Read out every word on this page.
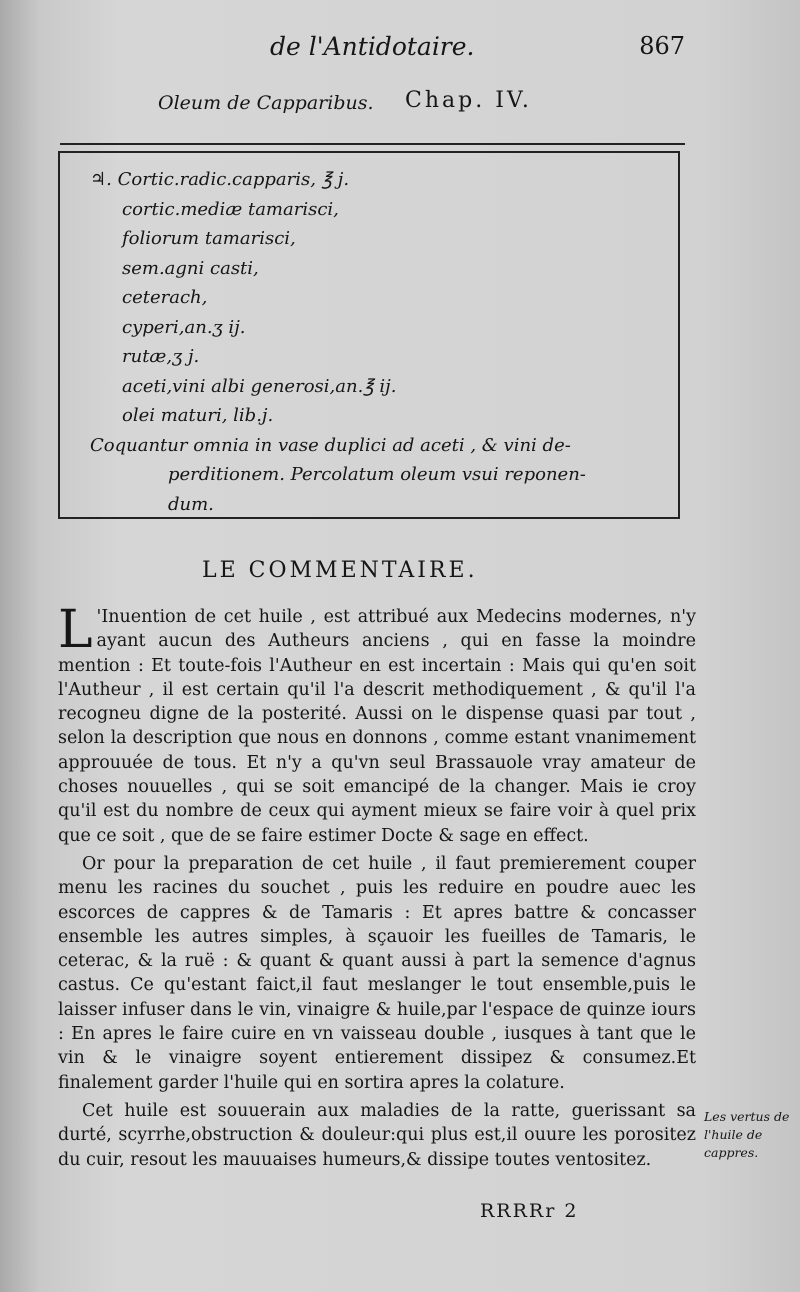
de l'Antidotaire.	867
Oleum de Capparibus. Chap. IV.
♃. Cortic.radic.capparis, ℥ j.
cortic.mediæ tamarisci,
foliorum tamarisci,
sem.agni casti,
ceterach,
cyperi,an.ʒ ij.
rutæ,ʒ j.
aceti,vini albi generosi,an.℥ ij.
olei maturi, lib.j.
Coquantur omnia in vase duplici ad aceti , & vini de-
perditionem. Percolatum oleum vsui reponen-
dum.
LE COMMENTAIRE.

L 'Inuention de cet huile , est attribué aux Medecins modernes, n'y ayant aucun des Autheurs anciens , qui en fasse la moindre mention : Et toute-fois l'Autheur en est incertain : Mais qui qu'en soit l'Autheur , il est certain qu'il l'a descrit methodiquement , & qu'il l'a recogneu digne de la posterité. Aussi on le dispense quasi par tout , selon la description que nous en donnons , comme estant vnanimement approuuée de tous. Et n'y a qu'vn seul Brassauole vray amateur de choses nouuelles , qui se soit emancipé de la changer. Mais ie croy qu'il est du nombre de ceux qui ayment mieux se faire voir à quel prix que ce soit , que de se faire estimer Docte & sage en effect.

Or pour la preparation de cet huile , il faut premierement couper menu les racines du souchet , puis les reduire en poudre auec les escorces de cappres & de Tamaris : Et apres battre & concasser ensemble les autres simples, à sçauoir les fueilles de Tamaris, le ceterac, & la ruë : & quant & quant aussi à part la semence d'agnus castus. Ce qu'estant faict,il faut meslanger le tout ensemble,puis le laisser infuser dans le vin, vinaigre & huile,par l'espace de quinze iours : En apres le faire cuire en vn vaisseau double , iusques à tant que le vin & le vinaigre soyent entierement dissipez & consumez.Et finalement garder l'huile qui en sortira apres la colature.

Cet huile est souuerain aux maladies de la ratte, guerissant sa durté, scyrrhe,obstruction & douleur:qui plus est,il ouure les porositez du cuir, resout les mauuaises humeurs,& dissipe toutes ventositez.

Les vertus de l'huile de cappres.
RRRRr 2
